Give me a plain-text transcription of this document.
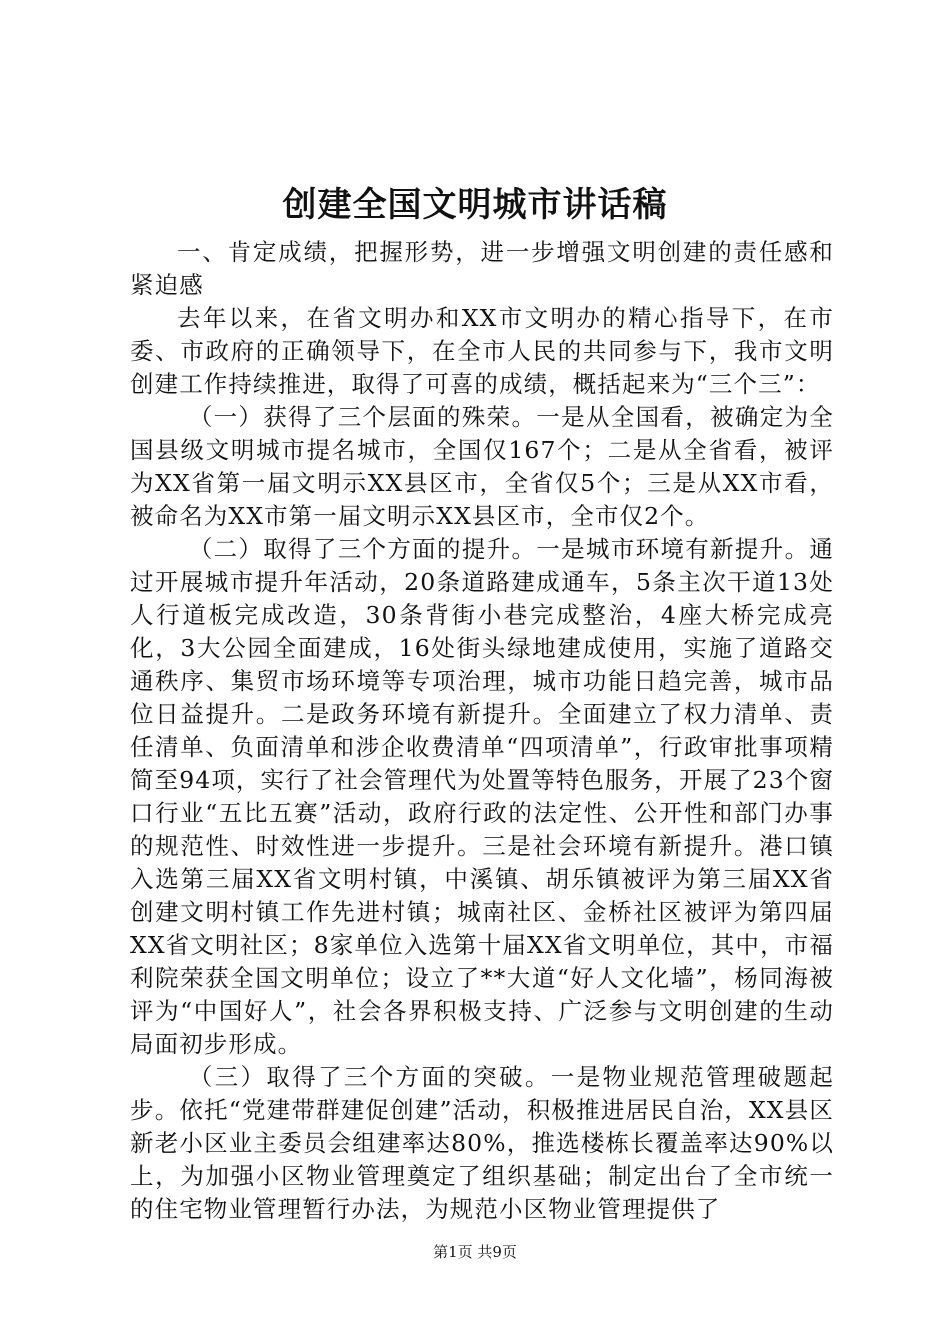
创建全国文明城市讲话稿

一、肯定成绩，把握形势，进一步增强文明创建的责任感和紧迫感

去年以来，在省文明办和XX市文明办的精心指导下，在市委、市政府的正确领导下，在全市人民的共同参与下，我市文明创建工作持续推进，取得了可喜的成绩，概括起来为“三个三”：

（一）获得了三个层面的殊荣。一是从全国看，被确定为全国县级文明城市提名城市，全国仅167个；二是从全省看，被评为XX省第一届文明示XX县区市，全省仅5个；三是从XX市看，被命名为XX市第一届文明示XX县区市，全市仅2个。

（二）取得了三个方面的提升。一是城市环境有新提升。通过开展城市提升年活动，20条道路建成通车，5条主次干道13处人行道板完成改造，30条背街小巷完成整治，4座大桥完成亮化，3大公园全面建成，16处街头绿地建成使用，实施了道路交通秩序、集贸市场环境等专项治理，城市功能日趋完善，城市品位日益提升。二是政务环境有新提升。全面建立了权力清单、责任清单、负面清单和涉企收费清单“四项清单”，行政审批事项精简至94项，实行了社会管理代为处置等特色服务，开展了23个窗口行业“五比五赛”活动，政府行政的法定性、公开性和部门办事的规范性、时效性进一步提升。三是社会环境有新提升。港口镇入选第三届XX省文明村镇，中溪镇、胡乐镇被评为第三届XX省创建文明村镇工作先进村镇；城南社区、金桥社区被评为第四届XX省文明社区；8家单位入选第十届XX省文明单位，其中，市福利院荣获全国文明单位；设立了**大道“好人文化墙”，杨同海被评为“中国好人”，社会各界积极支持、广泛参与文明创建的生动局面初步形成。

（三）取得了三个方面的突破。一是物业规范管理破题起步。依托“党建带群建促创建”活动，积极推进居民自治，XX县区新老小区业主委员会组建率达80%，推选楼栋长覆盖率达90%以上，为加强小区物业管理奠定了组织基础；制定出台了全市统一的住宅物业管理暂行办法，为规范小区物业管理提供了

第1页 共9页
